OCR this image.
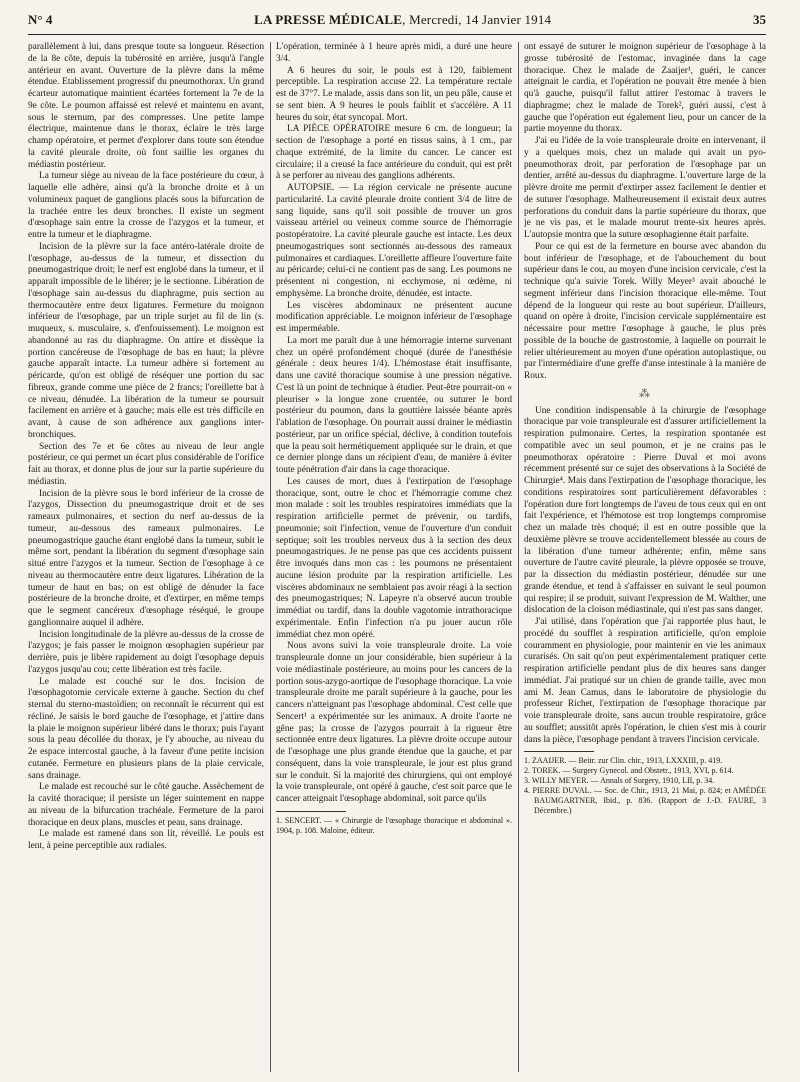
N° 4	LA PRESSE MÉDICALE, Mercredi, 14 Janvier 1914	35

parallèlement à lui, dans presque toute sa longueur. Résection de la 8e côte, depuis la tubérosité en arrière, jusqu'à l'angle antérieur en avant. Ouverture de la plèvre dans la même étendue. Etablissement progressif du pneumothorax. Un grand écarteur automatique maintient écartées fortement la 7e de la 9e côte. Le poumon affaissé est relevé et maintenu en avant, sous le sternum, par des compresses. Une petite lampe électrique, maintenue dans le thorax, éclaire le très large champ opératoire, et permet d'explorer dans toute son étendue la cavité pleurale droite, où font saillie les organes du médiastin postérieur.

La tumeur siège au niveau de la face postérieure du cœur, à laquelle elle adhère, ainsi qu'à la bronche droite et à un volumineux paquet de ganglions placés sous la bifurcation de la trachée entre les deux bronches. Il existe un segment d'œsophage sain entre la crosse de l'azygos et la tumeur, et entre la tumeur et le diaphragme.

Incision de la plèvre sur la face antéro-latérale droite de l'œsophage, au-dessus de la tumeur, et dissection du pneumogastrique droit; le nerf est englobé dans la tumeur, et il apparaît impossible de le libérer; je le sectionne. Libération de l'œsophage sain au-dessus du diaphragme, puis section au thermocautère entre deux ligatures. Fermeture du moignon inférieur de l'œsophage, par un triple surjet au fil de lin (s. muqueux, s. musculaire, s. d'enfouissement). Le moignon est abandonné au ras du diaphragme. On attire et dissèque la portion cancéreuse de l'œsophage de bas en haut; la plèvre gauche apparaît intacte. La tumeur adhère si fortement au péricarde, qu'on est obligé de réséquer une portion du sac fibreux, grande comme une pièce de 2 francs; l'oreillette bat à ce niveau, dénudée. La libération de la tumeur se poursuit facilement en arrière et à gauche; mais elle est très difficile en avant, à cause de son adhérence aux ganglions inter-bronchiques.

Section des 7e et 6e côtes au niveau de leur angle postérieur, ce qui permet un écart plus considérable de l'orifice fait au thorax, et donne plus de jour sur la partie supérieure du médiastin.

Incision de la plèvre sous le bord inférieur de la crosse de l'azygos, Dissection du pneumogastrique droit et de ses rameaux pulmonaires, et section du nerf au-dessus de la tumeur, au-dessous des rameaux pulmonaires. Le pneumogastrique gauche étant englobé dans la tumeur, subit le même sort, pendant la libération du segment d'œsophage sain situé entre l'azygos et la tumeur. Section de l'œsophage à ce niveau au thermocautère entre deux ligatures. Libération de la tumeur de haut en bas; on est obligé de dénuder la face postérieure de la bronche droite, et d'extirper, en même temps que le segment cancéreux d'œsophage réséqué, le groupe ganglionnaire auquel il adhère.

Incision longitudinale de la plèvre au-dessus de la crosse de l'azygos; je fais passer le moignon œsophagien supérieur par derrière, puis je libère rapidement au doigt l'œsophage depuis l'azygos jusqu'au cou; cette libération est très facile.

Le malade est couché sur le dos. Incision de l'œsophagotomie cervicale externe à gauche. Section du chef sternal du sterno-mastoïdien; on reconnaît le récurrent qui est récliné. Je saisis le bord gauche de l'œsophage, et j'attire dans la plaie le moignon supérieur libéré dans le thorax; puis l'ayant sous la peau décollée du thorax, je l'y abouche, au niveau du 2e espace intercostal gauche, à la faveur d'une petite incision cutanée. Fermeture en plusieurs plans de la plaie cervicale, sans drainage.

Le malade est recouché sur le côté gauche. Assèchement de la cavité thoracique; il persiste un léger suintement en nappe au niveau de la bifurcation trachéale. Fermeture de la paroi thoracique en deux plans, muscles et peau, sans drainage.

Le malade est ramené dans son lit, réveillé. Le pouls est lent, à peine perceptible aux radiales.

L'opération, terminée à 1 heure après midi, a duré une heure 3/4.

A 6 heures du soir, le pouls est à 120, faiblement perceptible. La respiration accuse 22. La température rectale est de 37°7. Le malade, assis dans son lit, un peu pâle, cause et se sent bien. A 9 heures le pouls faiblit et s'accélère. A 11 heures du soir, état syncopal. Mort.

LA PIÈCE OPÉRATOIRE mesure 6 cm. de longueur; la section de l'œsophage a porté en tissus sains, à 1 cm., par chaque extrémité, de la limite du cancer. Le cancer est circulaire; il a creusé la face antérieure du conduit, qui est prêt à se perforer au niveau des ganglions adhérents.

AUTOPSIE. — La région cervicale ne présente aucune particularité. La cavité pleurale droite contient 3/4 de litre de sang liquide, sans qu'il soit possible de trouver un gros vaisseau artériel ou veineux comme source de l'hémorragie postopératoire. La cavité pleurale gauche est intacte. Les deux pneumogastriques sont sectionnés au-dessous des rameaux pulmonaires et cardiaques. L'oreillette affleure l'ouverture faite au péricarde; celui-ci ne contient pas de sang. Les poumons ne présentent ni congestion, ni ecchymose, ni œdème, ni emphysème. La bronche droite, dénudée, est intacte.

Les viscères abdominaux ne présentent aucune modification appréciable. Le moignon inférieur de l'œsophage est imperméable.

La mort me paraît due à une hémorragie interne survenant chez un opéré profondément choqué (durée de l'anesthésie générale : deux heures 1/4). L'hémostase était insuffisante, dans une cavité thoracique soumise à une pression négative. C'est là un point de technique à étudier. Peut-être pourrait-on « pleuriser » la longue zone cruentée, ou suturer le bord postérieur du poumon, dans la gouttière laissée béante après l'ablation de l'œsophage. On pourrait aussi drainer le médiastin postérieur, par un orifice spécial, déclive, à condition toutefois que la peau soit hermétiquement appliquée sur le drain, et que ce dernier plonge dans un récipient d'eau, de manière à éviter toute pénétration d'air dans la cage thoracique.

Les causes de mort, dues à l'extirpation de l'œsophage thoracique, sont, outre le choc et l'hémorragie comme chez mon malade : soit les troubles respiratoires immédiats que la respiration artificielle permet de prévenir, ou tardifs, pneumonie; soit l'infection, venue de l'ouverture d'un conduit septique; soit les troubles nerveux dus à la section des deux pneumogastriques. Je ne pense pas que ces accidents puissent être invoqués dans mon cas : les poumons ne présentaient aucune lésion produite par la respiration artificielle. Les viscères abdominaux ne semblaient pas avoir réagi à la section des pneumogastriques; N. Lapeyre n'a observé aucun trouble immédiat ou tardif, dans la double vagotomie intrathoracique expérimentale. Enfin l'infection n'a pu jouer aucun rôle immédiat chez mon opéré.

Nous avons suivi la voie transpleurale droite. La voie transpleurale donne un jour considérable, bien supérieur à la voie médiastinale postérieure, au moins pour les cancers de la portion sous-azygo-aortique de l'œsophage thoracique. La voie transpleurale droite me paraît supérieure à la gauche, pour les cancers n'atteignant pas l'œsophage abdominal. C'est celle que Sencert¹ a expérimentée sur les animaux. A droite l'aorte ne gêne pas; la crosse de l'azygos pourrait à la rigueur être sectionnée entre deux ligatures. La plèvre droite occupe autour de l'œsophage une plus grande étendue que la gauche, et par conséquent, dans la voie transpleurale, le jour est plus grand sur le conduit. Si la majorité des chirurgiens, qui ont employé la voie transpleurale, ont opéré à gauche, c'est soit parce que le cancer atteignait l'œsophage abdominal, soit parce qu'ils

1. SENCERT. — « Chirurgie de l'œsophage thoracique et abdominal ». 1904, p. 108. Maloine, éditeur.

ont essayé de suturer le moignon supérieur de l'œsophage à la grosse tubérosité de l'estomac, invaginée dans la cage thoracique. Chez le malade de Zaaijer¹, guéri, le cancer atteignait le cardia, et l'opération ne pouvait être menée à bien qu'à gauche, puisqu'il fallut attirer l'estomac à travers le diaphragme; chez le malade de Torek², guéri aussi, c'est à gauche que l'opération eut également lieu, pour un cancer de la partie moyenne du thorax.

J'ai eu l'idée de la voie transpleurale droite en intervenant, il y a quelques mois, chez un malade qui avait un pyo-pneumothorax droit, par perforation de l'œsophage par un dentier, arrêté au-dessus du diaphragme. L'ouverture large de la plèvre droite me permit d'extirper assez facilement le dentier et de suturer l'œsophage. Malheureusement il existait deux autres perforations du conduit dans la partie supérieure du thorax, que je ne vis pas, et le malade mourut trente-six heures après. L'autopsie montra que la suture œsophagienne était parfaite.

Pour ce qui est de la fermeture en bourse avec abandon du bout inférieur de l'œsophage, et de l'abouchement du bout supérieur dans le cou, au moyen d'une incision cervicale, c'est la technique qu'a suivie Torek. Willy Meyer³ avait abouché le segment inférieur dans l'incision thoracique elle-même. Tout dépend de la longueur qui reste au bout supérieur. D'ailleurs, quand on opère à droite, l'incision cervicale supplémentaire est nécessaire pour mettre l'œsophage à gauche, le plus près possible de la bouche de gastrostomie, à laquelle on pourrait le relier ultérieurement au moyen d'une opération autoplastique, ou par l'intermédiaire d'une greffe d'anse intestinale à la manière de Roux.

⁂

Une condition indispensable à la chirurgie de l'œsophage thoracique par voie transpleurale est d'assurer artificiellement la respiration pulmonaire. Certes, la respiration spontanée est compatible avec un seul poumon, et je ne crains pas le pneumothorax opératoire : Pierre Duval et moi avons récemment présenté sur ce sujet des observations à la Société de Chirurgie⁴. Mais dans l'extirpation de l'œsophage thoracique, les conditions respiratoires sont particulièrement défavorables : l'opération dure fort longtemps de l'aveu de tous ceux qui en ont fait l'expérience, et l'hémotose est trop longtemps compromise chez un malade très choqué; il est en outre possible que la deuxième plèvre se trouve accidentellement blessée au cours de la libération d'une tumeur adhérente; enfin, même sans ouverture de l'autre cavité pleurale, la plèvre opposée se trouve, par la dissection du médiastin postérieur, dénudée sur une grande étendue, et tend à s'affaisser en suivant le seul poumon qui respire; il se produit, suivant l'expression de M. Walther, une dislocation de la cloison médiastinale, qui n'est pas sans danger.

J'ai utilisé, dans l'opération que j'ai rapportée plus haut, le procédé du soufflet à respiration artificielle, qu'on emploie couramment en physiologie, pour maintenir en vie les animaux curarisés. On sait qu'on peut expérimentalement pratiquer cette respiration artificielle pendant plus de dix heures sans danger immédiat. J'ai pratiqué sur un chien de grande taille, avec mon ami M. Jean Camus, dans le laboratoire de physiologie du professeur Richet, l'extirpation de l'œsophage thoracique par voie transpleurale droite, sans aucun trouble respiratoire, grâce au soufflet; aussitôt après l'opération, le chien s'est mis à courir dans la pièce, l'œsophage pendant à travers l'incision cervicale.

1. ZAAIJER. — Beitr. zur Clin. chir., 1913, LXXXIII, p. 419.

2. TOREK. — Surgery Gynecol. and Obstetr., 1913, XVI, p. 614.

3. WILLY MEYER. — Annals of Surgery, 1910, LII, p. 34.

4. PIERRE DUVAL. — Soc. de Chir., 1913, 21 Mai, p. 824; et AMÉDÉE BAUMGARTNER, Ibid., p. 836. (Rapport de J.-D. FAURE, 3 Décembre.)
